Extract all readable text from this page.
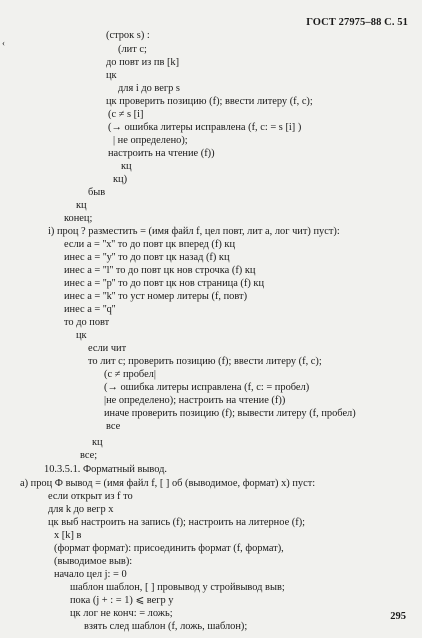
ГОСТ 27975–88 С. 51
‹
(строк s) :
(лит с;
до повт из пв [k]
цк
для i до вегр s
цк проверить позицию (f); ввести литеру (f, c);
(c ≠ s [i]
(→ ошибка литеры исправлена (f, c: = s [i] )
| не определено);
настроить на чтение (f))
кц
кц)
быв
кц
конец;
i) проц ? разместить = (имя файл f, цел повт, лит а, лог чит) пуст):
если а = ''x'' то до повт цк вперед (f) кц
инес а = ''y'' то до повт цк назад (f) кц
инес а = ''l'' то до повт цк нов строчка (f) кц
инес а = ''p'' то до повт цк нов страница (f) кц
инес а = ''k'' то уст номер литеры (f, повт)
инес а = ''q''
то до повт
цк
если чит
то лит с; проверить позицию (f); ввести литеру (f, c);
(с ≠ пробел|
(→ ошибка литеры исправлена (f, c: = пробел)
|не определено); настроить на чтение (f))
иначе проверить позицию (f); вывести литеру (f, пробел)
все
кц
все;
10.3.5.1. Форматный вывод.
a) проц Ф вывод = (имя файл f, [ ] об (выводимое, формат) x) пуст:
если открыт из f то
для k до вегр х
цк выб настроить на запись (f); настроить на литерное (f);
х [k] в
(формат формат): присоединить формат (f, формат),
(выводимое выв):
начало цел j: = 0
шаблон шаблон, [ ] провывод у стройвывод выв;
пока (j + : = 1) ⩽ вегр у
цк лог не конч: = ложь;
взять след шаблон (f, ложь, шаблон);
295
